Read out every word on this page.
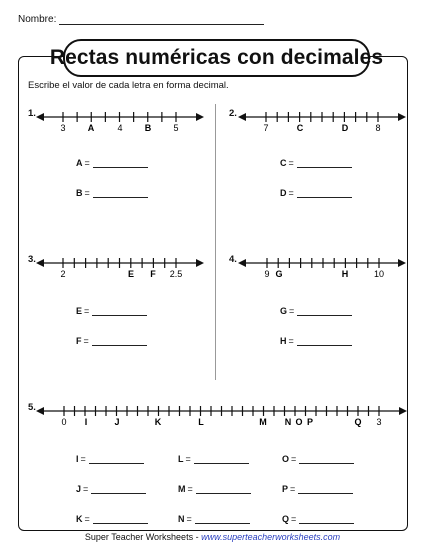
Nombre:
Rectas numéricas con decimales
Escribe el valor de cada letra en forma decimal.
1.
3 A	4 B 5
A =
B =
2.
7	C	D	8
C =
D =
3.
2	E F 2.5
E =
F =
4.
9 G	H	10
G =
H =
5.
0 I	J	K	L	M N O P	Q 3
I =
J =
K =
L =
M =
N =
O =
P =
Q =
Super Teacher Worksheets - www.superteacherworksheets.com
